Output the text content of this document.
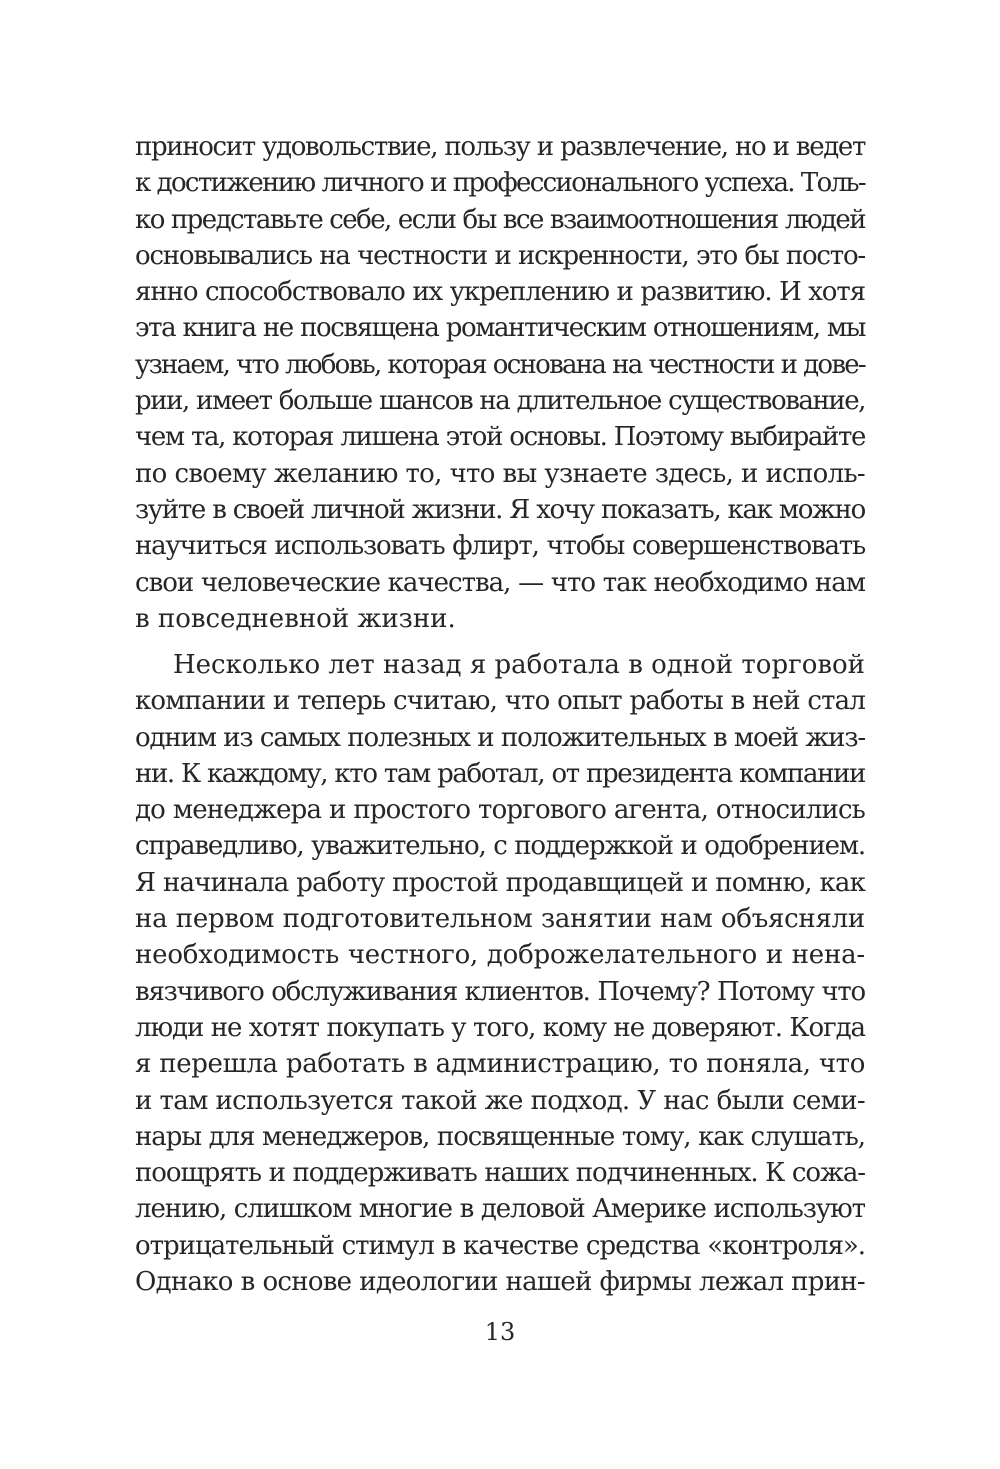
приносит удовольствие, пользу и развлечение, но и ведет
к достижению личного и профессионального успеха. Толь-
ко представьте себе, если бы все взаимоотношения людей
основывались на честности и искренности, это бы посто-
янно способствовало их укреплению и развитию. И хотя
эта книга не посвящена романтическим отношениям, мы
узнаем, что любовь, которая основана на честности и дове-
рии, имеет больше шансов на длительное существование,
чем та, которая лишена этой основы. Поэтому выбирайте
по своему желанию то, что вы узнаете здесь, и исполь-
зуйте в своей личной жизни. Я хочу показать, как можно
научиться использовать флирт, чтобы совершенствовать
свои человеческие качества, — что так необходимо нам
в повседневной жизни.
Несколько лет назад я работала в одной торговой
компании и теперь считаю, что опыт работы в ней стал
одним из самых полезных и положительных в моей жиз-
ни. К каждому, кто там работал, от президента компании
до менеджера и простого торгового агента, относились
справедливо, уважительно, с поддержкой и одобрением.
Я начинала работу простой продавщицей и помню, как
на первом подготовительном занятии нам объясняли
необходимость честного, доброжелательного и нена-
вязчивого обслуживания клиентов. Почему? Потому что
люди не хотят покупать у того, кому не доверяют. Когда
я перешла работать в администрацию, то поняла, что
и там используется такой же подход. У нас были семи-
нары для менеджеров, посвященные тому, как слушать,
поощрять и поддерживать наших подчиненных. К сожа-
лению, слишком многие в деловой Америке используют
отрицательный стимул в качестве средства «контроля».
Однако в основе идеологии нашей фирмы лежал прин-
13
